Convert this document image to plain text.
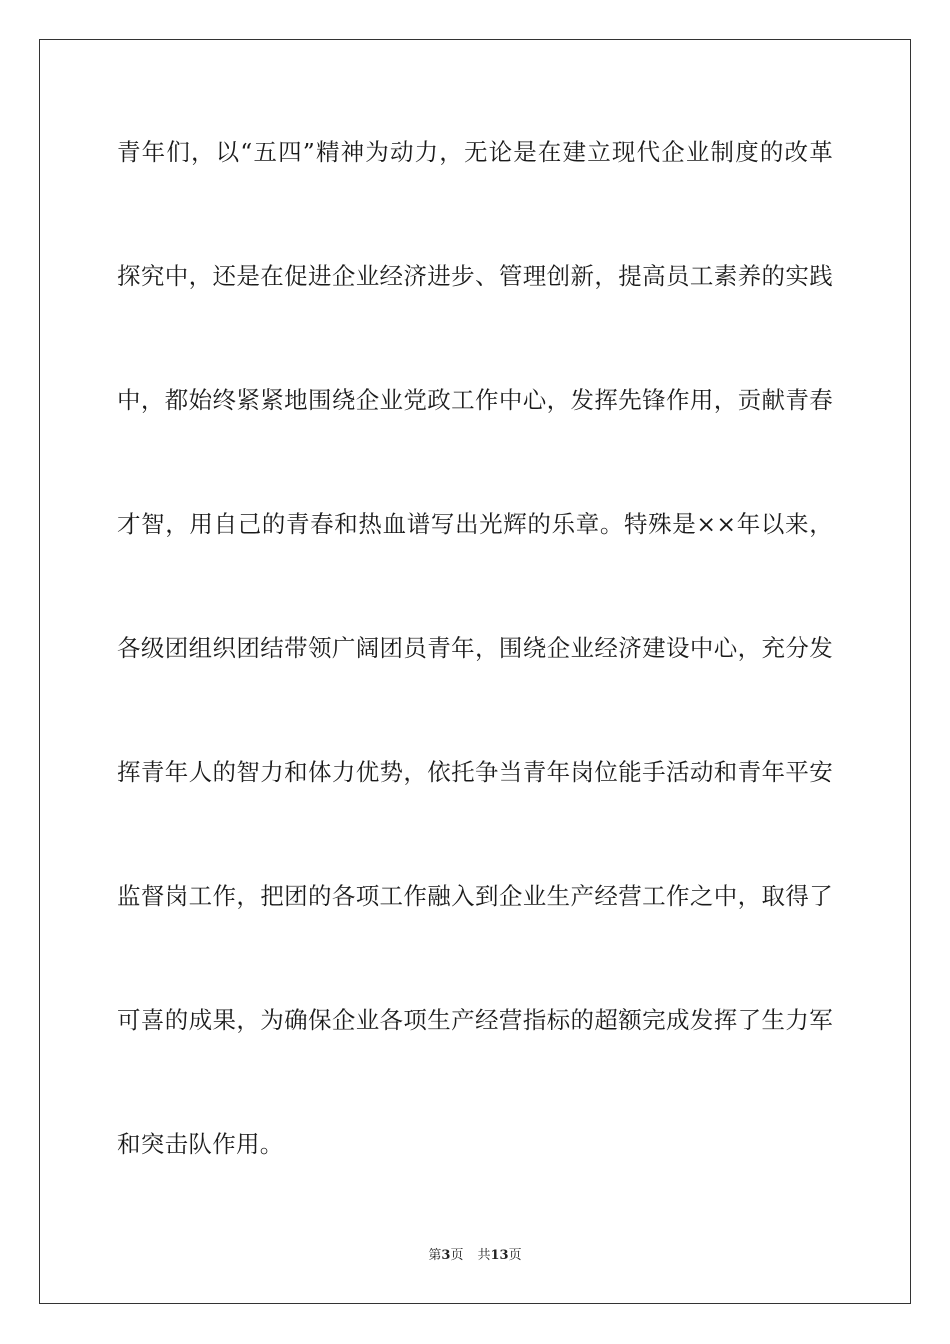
青年们，以“五四”精神为动力，无论是在建立现代企业制度的改革
探究中，还是在促进企业经济进步、管理创新，提高员工素养的实践
中，都始终紧紧地围绕企业党政工作中心，发挥先锋作用，贡献青春
才智，用自己的青春和热血谱写出光辉的乐章。特殊是××年以来，
各级团组织团结带领广阔团员青年，围绕企业经济建设中心，充分发
挥青年人的智力和体力优势，依托争当青年岗位能手活动和青年平安
监督岗工作，把团的各项工作融入到企业生产经营工作之中，取得了
可喜的成果，为确保企业各项生产经营指标的超额完成发挥了生力军
和突击队作用。
第3页 共13页
